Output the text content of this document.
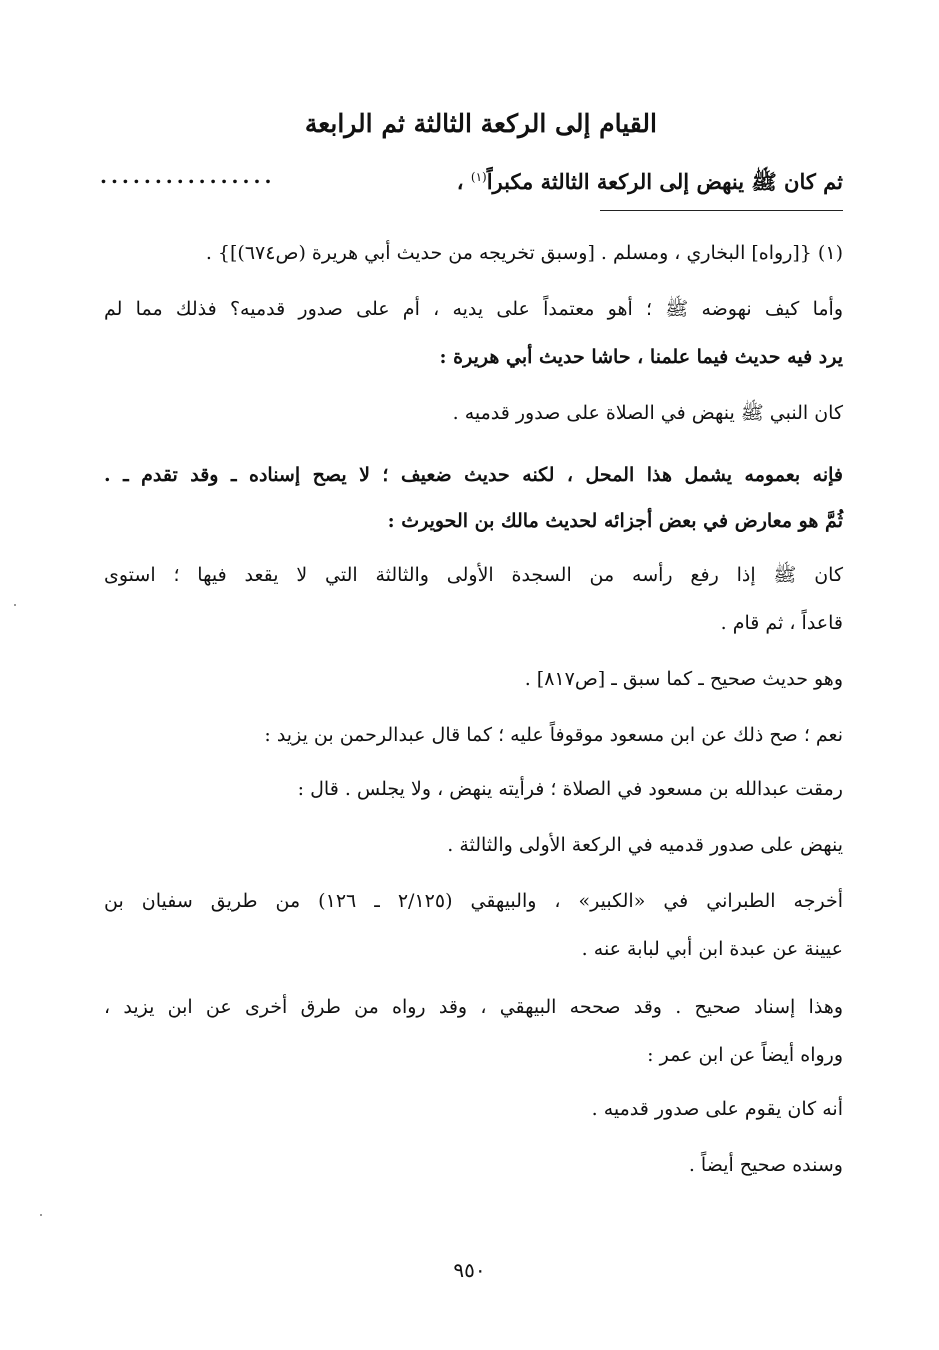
القيام إلى الركعة الثالثة ثم الرابعة
ثم كان ﷺ ينهض إلى الركعة الثالثة مكبراً$^{(١)}$ ،
................

(١) {[رواه] البخاري ، ومسلم . [وسبق تخريجه من حديث أبي هريرة (ص٦٧٤)]} .

وأما كيف نهوضه ﷺ ؛ أهو معتمداً على يديه ، أم على صدور قدميه؟ فذلك مما لم

يرد فيه حديث فيما علمنا ، حاشا حديث أبي هريرة :

كان النبي ﷺ ينهض في الصلاة على صدور قدميه .

فإنه بعمومه يشمل هذا المحل ، لكنه حديث ضعيف ؛ لا يصح إسناده ـ وقد تقدم ـ .

ثُمَّ هو معارض في بعض أجزائه لحديث مالك بن الحويرث :

كان ﷺ إذا رفع رأسه من السجدة الأولى والثالثة التي لا يقعد فيها ؛ استوى

قاعداً ، ثم قام .

وهو حديث صحيح ـ كما سبق ـ [ص٨١٧] .

نعم ؛ صح ذلك عن ابن مسعود موقوفاً عليه ؛ كما قال عبدالرحمن بن يزيد :

رمقت عبدالله بن مسعود في الصلاة ؛ فرأيته ينهض ، ولا يجلس . قال :

ينهض على صدور قدميه في الركعة الأولى والثالثة .

أخرجه الطبراني في «الكبير» ، والبيهقي (٢/١٢٥ ـ ١٢٦) من طريق سفيان بن

عيينة عن عبدة ابن أبي لبابة عنه .

وهذا إسناد صحيح . وقد صححه البيهقي ، وقد رواه من طرق أخرى عن ابن يزيد ،

ورواه أيضاً عن ابن عمر :

أنه كان يقوم على صدور قدميه .

وسنده صحيح أيضاً .

٩٥٠
